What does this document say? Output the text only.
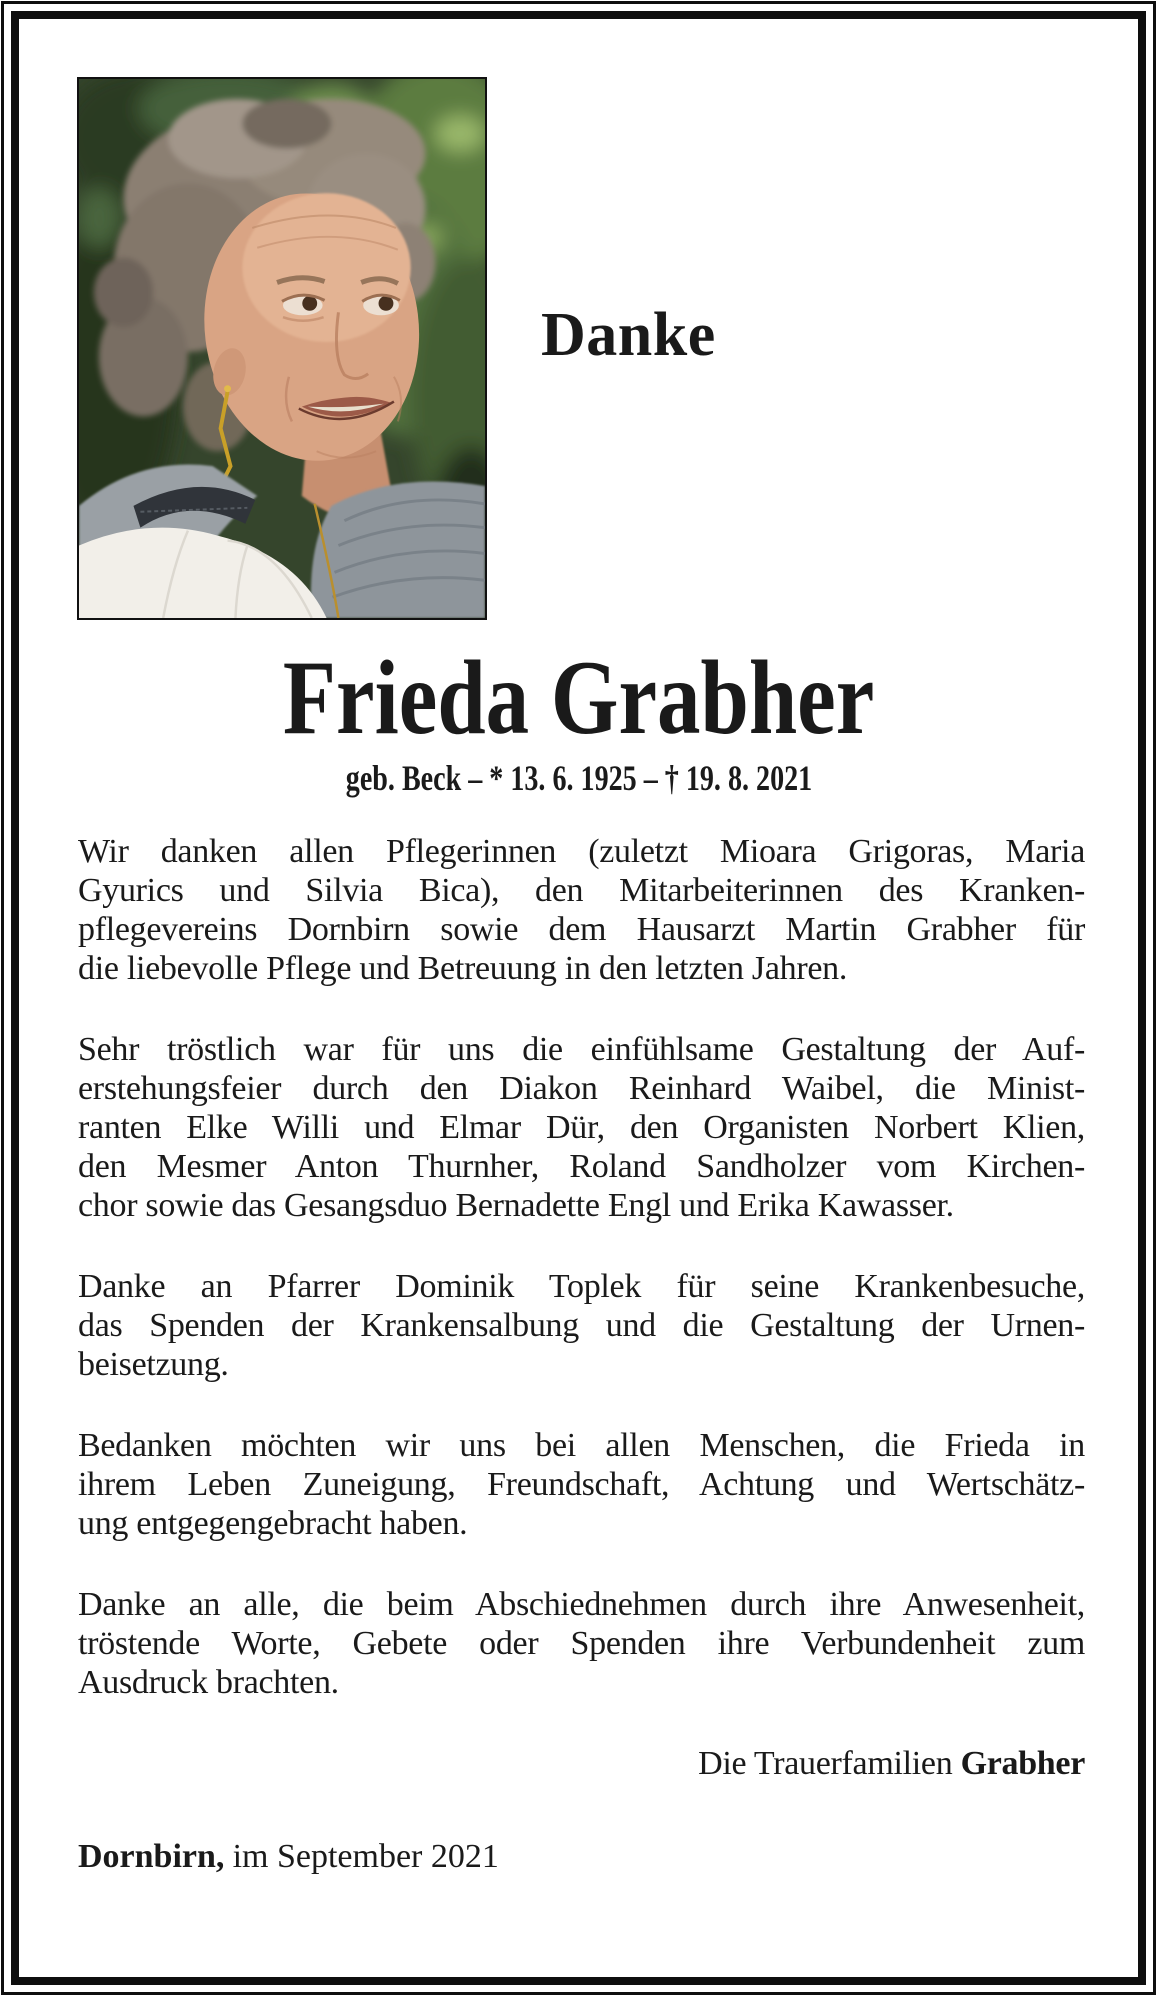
Danke
Frieda Grabher
geb. Beck – * 13. 6. 1925 – † 19. 8. 2021
Wir danken allen Pflegerinnen (zuletzt Mioara Grigoras, Maria
Gyurics und Silvia Bica), den Mitarbeiterinnen des Kranken-
pflegevereins Dornbirn sowie dem Hausarzt Martin Grabher für
die liebevolle Pflege und Betreuung in den letzten Jahren.
Sehr tröstlich war für uns die einfühlsame Gestaltung der Auf-
erstehungsfeier durch den Diakon Reinhard Waibel, die Minist-
ranten Elke Willi und Elmar Dür, den Organisten Norbert Klien,
den Mesmer Anton Thurnher, Roland Sandholzer vom Kirchen-
chor sowie das Gesangsduo Bernadette Engl und Erika Kawasser.
Danke an Pfarrer Dominik Toplek für seine Krankenbesuche,
das Spenden der Krankensalbung und die Gestaltung der Urnen-
beisetzung.
Bedanken möchten wir uns bei allen Menschen, die Frieda in
ihrem Leben Zuneigung, Freundschaft, Achtung und Wertschätz-
ung entgegengebracht haben.
Danke an alle, die beim Abschiednehmen durch ihre Anwesenheit,
tröstende Worte, Gebete oder Spenden ihre Verbundenheit zum
Ausdruck brachten.
Die Trauerfamilien Grabher
Dornbirn, im September 2021
